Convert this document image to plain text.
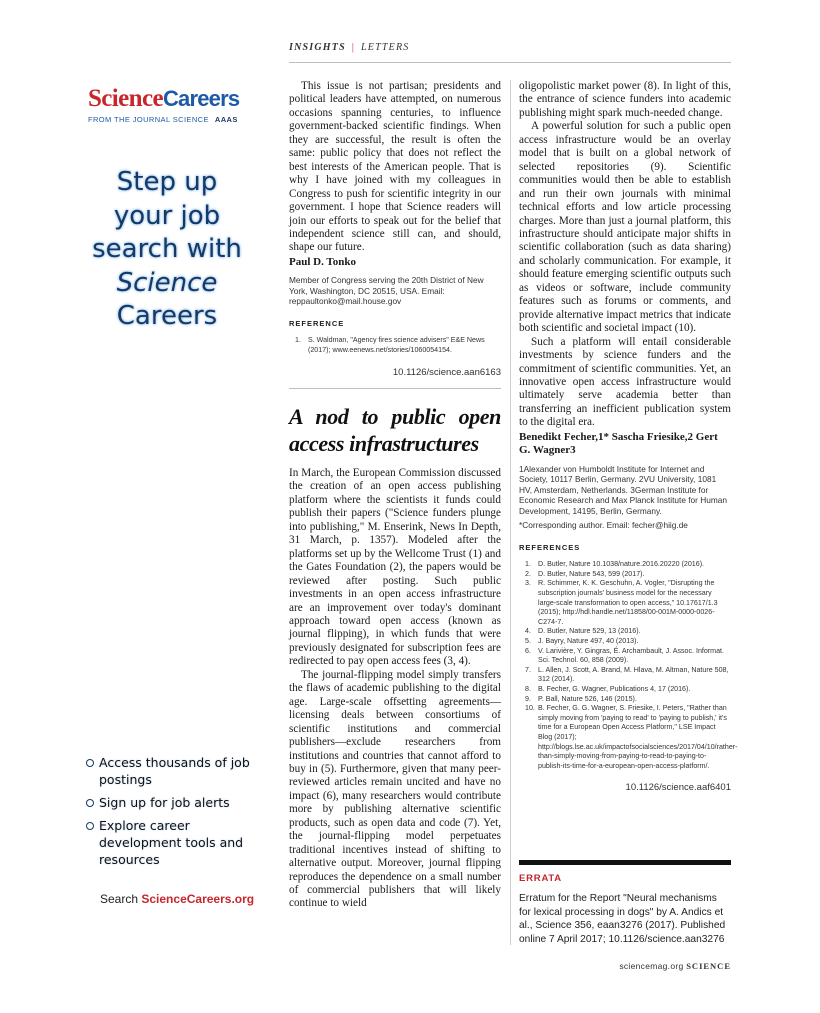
INSIGHTS | LETTERS
ScienceCareers
FROM THE JOURNAL SCIENCE AAAS
Step up
your job
search with
Science
Careers
Access thousands of job postings
Sign up for job alerts
Explore career development tools and resources
Search ScienceCareers.org

This issue is not partisan; presidents and political leaders have attempted, on numerous occasions spanning centuries, to influence government-backed scientific findings. When they are successful, the result is often the same: public policy that does not reflect the best interests of the American people. That is why I have joined with my colleagues in Congress to push for scientific integrity in our government. I hope that Science readers will join our efforts to speak out for the belief that independent science still can, and should, shape our future.

Paul D. Tonko
Member of Congress serving the 20th District of New York, Washington, DC 20515, USA. Email: reppaultonko@mail.house.gov
REFERENCE
1. S. Waldman, "Agency fires science advisers" E&E News (2017); www.eenews.net/stories/1060054154.
10.1126/science.aan6163
A nod to public open access infrastructures

In March, the European Commission discussed the creation of an open access publishing platform where the scientists it funds could publish their papers ("Science funders plunge into publishing," M. Enserink, News In Depth, 31 March, p. 1357). Modeled after the platforms set up by the Wellcome Trust (1) and the Gates Foundation (2), the papers would be reviewed after posting. Such public investments in an open access infrastructure are an improvement over today's dominant approach toward open access (known as journal flipping), in which funds that were previously designated for subscription fees are redirected to pay open access fees (3, 4).

The journal-flipping model simply transfers the flaws of academic publishing to the digital age. Large-scale offsetting agreements—licensing deals between consortiums of scientific institutions and commercial publishers—exclude researchers from institutions and countries that cannot afford to buy in (5). Furthermore, given that many peer-reviewed articles remain uncited and have no impact (6), many researchers would contribute more by publishing alternative scientific products, such as open data and code (7). Yet, the journal-flipping model perpetuates traditional incentives instead of shifting to alternative output. Moreover, journal flipping reproduces the dependence on a small number of commercial publishers that will likely continue to wield

oligopolistic market power (8). In light of this, the entrance of science funders into academic publishing might spark much-needed change.

A powerful solution for such a public open access infrastructure would be an overlay model that is built on a global network of selected repositories (9). Scientific communities would then be able to establish and run their own journals with minimal technical efforts and low article processing charges. More than just a journal platform, this infrastructure should anticipate major shifts in scientific collaboration (such as data sharing) and scholarly communication. For example, it should feature emerging scientific outputs such as videos or software, include community features such as forums or comments, and provide alternative impact metrics that indicate both scientific and societal impact (10).

Such a platform will entail considerable investments by science funders and the commitment of scientific communities. Yet, an innovative open access infrastructure would ultimately serve academia better than transferring an inefficient publication system to the digital era.

Benedikt Fecher,1* Sascha Friesike,2 Gert G. Wagner3
1Alexander von Humboldt Institute for Internet and Society, 10117 Berlin, Germany. 2VU University, 1081 HV, Amsterdam, Netherlands. 3German Institute for Economic Research and Max Planck Institute for Human Development, 14195, Berlin, Germany.
*Corresponding author. Email: fecher@hiig.de
REFERENCES
1. D. Butler, Nature 10.1038/nature.2016.20220 (2016).
2. D. Butler, Nature 543, 599 (2017).
3. R. Schimmer, K. K. Geschuhn, A. Vogler, "Disrupting the subscription journals' business model for the necessary large-scale transformation to open access," 10.17617/1.3 (2015); http://hdl.handle.net/11858/00-001M-0000-0026-C274-7.
4. D. Butler, Nature 529, 13 (2016).
5. J. Bayry, Nature 497, 40 (2013).
6. V. Larivière, Y. Gingras, É. Archambault, J. Assoc. Informat. Sci. Technol. 60, 858 (2009).
7. L. Allen, J. Scott, A. Brand, M. Hlava, M. Altman, Nature 508, 312 (2014).
8. B. Fecher, G. Wagner, Publications 4, 17 (2016).
9. P. Ball, Nature 526, 146 (2015).
10. B. Fecher, G. G. Wagner, S. Friesike, I. Peters, "Rather than simply moving from 'paying to read' to 'paying to publish,' it's time for a European Open Access Platform," LSE Impact Blog (2017); http://blogs.lse.ac.uk/impactofsocialsciences/2017/04/10/rather-than-simply-moving-from-paying-to-read-to-paying-to-publish-its-time-for-a-european-open-access-platform/.
10.1126/science.aaf6401
ERRATA
Erratum for the Report "Neural mechanisms for lexical processing in dogs" by A. Andics et al., Science 356, eaan3276 (2017). Published online 7 April 2017; 10.1126/science.aan3276
sciencemag.org SCIENCE
